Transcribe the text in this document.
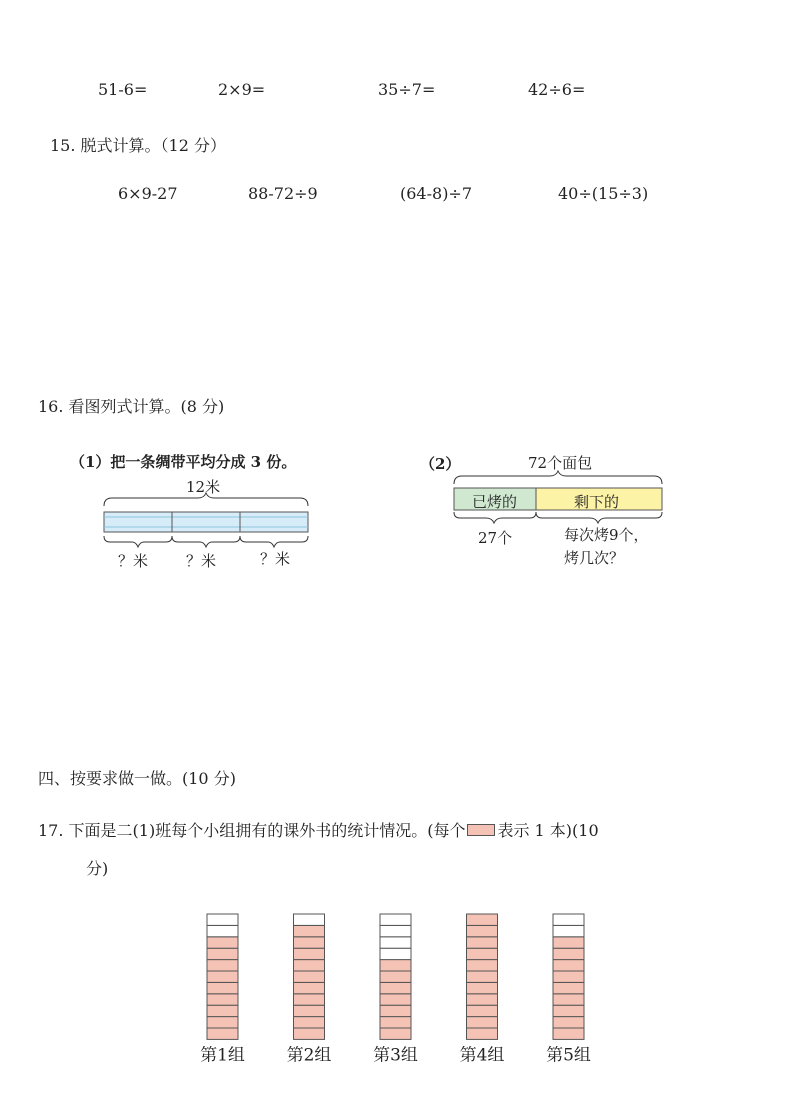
51-6=	2×9=	35÷7=	42÷6=
15. 脱式计算。（12 分）
6×9-27	88-72÷9	(64-8)÷7	40÷(15÷3)
16. 看图列式计算。(8 分)
（1）把一条绸带平均分成 3 份。
12米
？米	？米	？米
（2）	72个面包
已烤的	剩下的
27个	每次烤9个，
烤几次？
四、按要求做一做。(10 分)
17. 下面是二(1)班每个小组拥有的课外书的统计情况。(每个 表示 1 本)(10
分)
第1组 第2组 第3组 第4组 第5组
